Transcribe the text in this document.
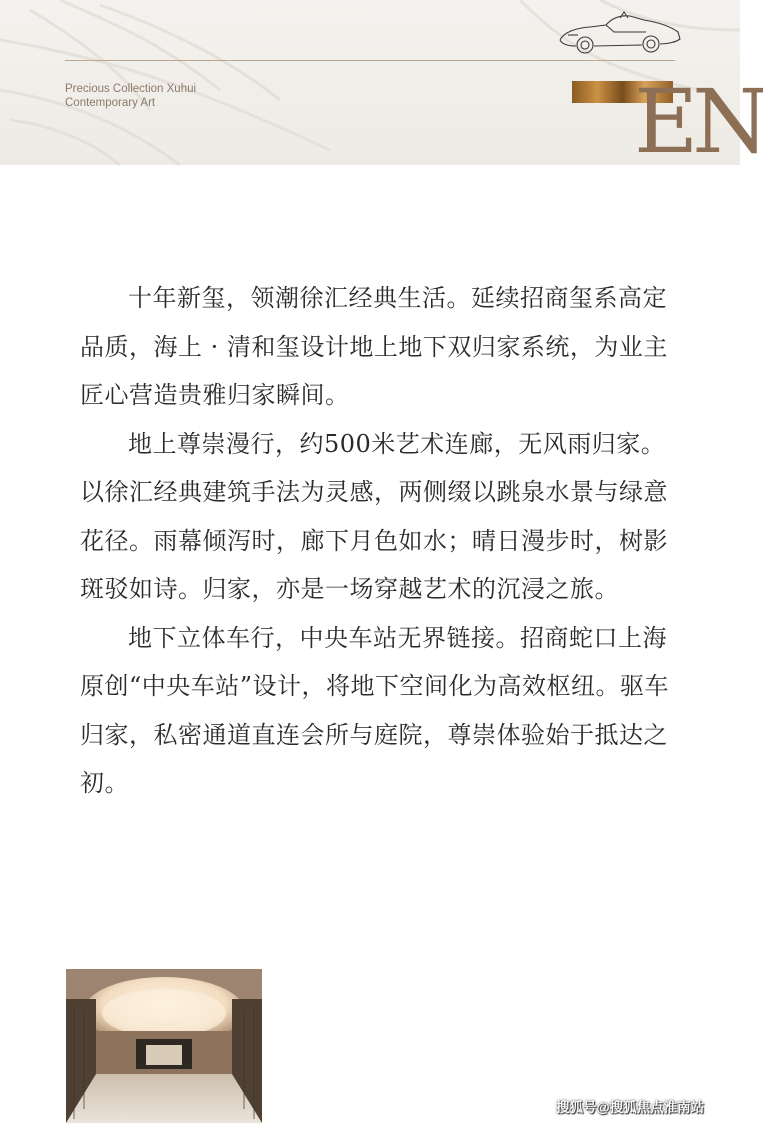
Precious Collection Xuhui
Contemporary Art	EN

十年新玺，领潮徐汇经典生活。延续招商玺系高定品质，海上 · 清和玺设计地上地下双归家系统，为业主匠心营造贵雅归家瞬间。

地上尊崇漫行，约500米艺术连廊，无风雨归家。以徐汇经典建筑手法为灵感，两侧缀以跳泉水景与绿意花径。雨幕倾泻时，廊下月色如水；晴日漫步时，树影斑驳如诗。归家，亦是一场穿越艺术的沉浸之旅。

地下立体车行，中央车站无界链接。招商蛇口上海原创“中央车站”设计，将地下空间化为高效枢纽。驱车归家，私密通道直连会所与庭院，尊崇体验始于抵达之初。

搜狐号@搜狐焦点淮南站
